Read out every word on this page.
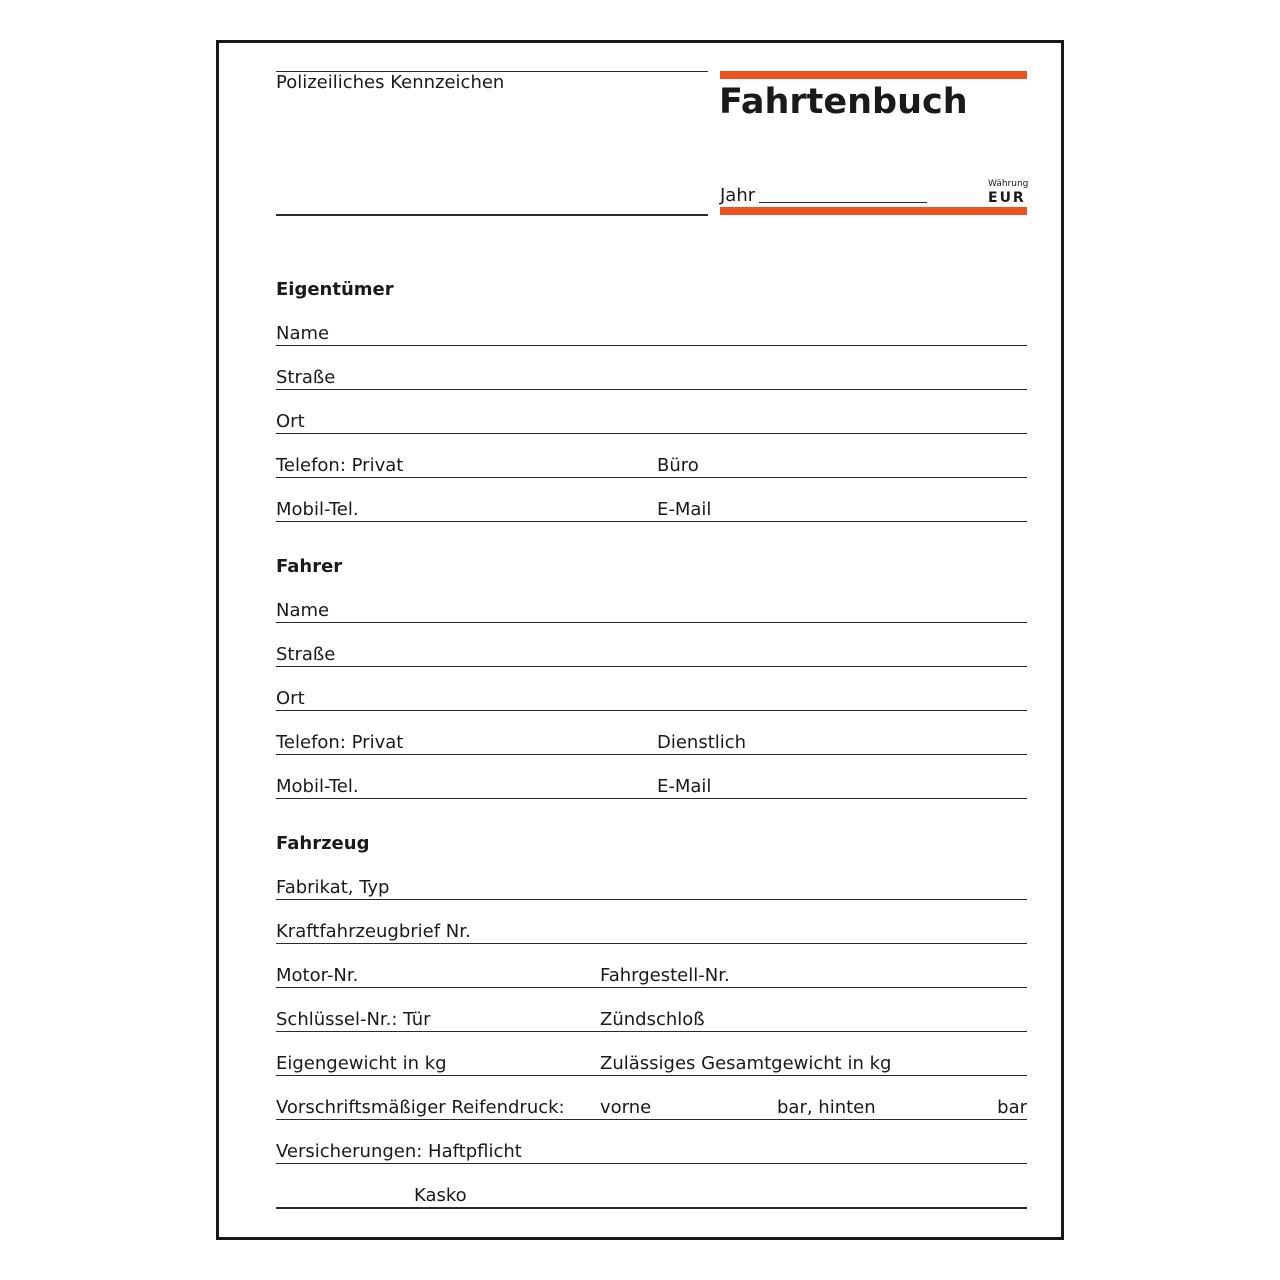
Polizeiliches Kennzeichen	Fahrtenbuch
Jahr
Währung
EUR
Eigentümer
Name
Straße
Ort
Telefon: Privat	Büro
Mobil-Tel.	E-Mail
Fahrer
Name
Straße
Ort
Telefon: Privat	Dienstlich
Mobil-Tel.	E-Mail
Fahrzeug
Fabrikat, Typ
Kraftfahrzeugbrief Nr.
Motor-Nr.	Fahrgestell-Nr.
Schlüssel-Nr.: Tür	Zündschloß
Eigengewicht in kg	Zulässiges Gesamtgewicht in kg
Vorschriftsmäßiger Reifendruck: vorne	bar, hinten	bar
Versicherungen: Haftpflicht
Kasko
